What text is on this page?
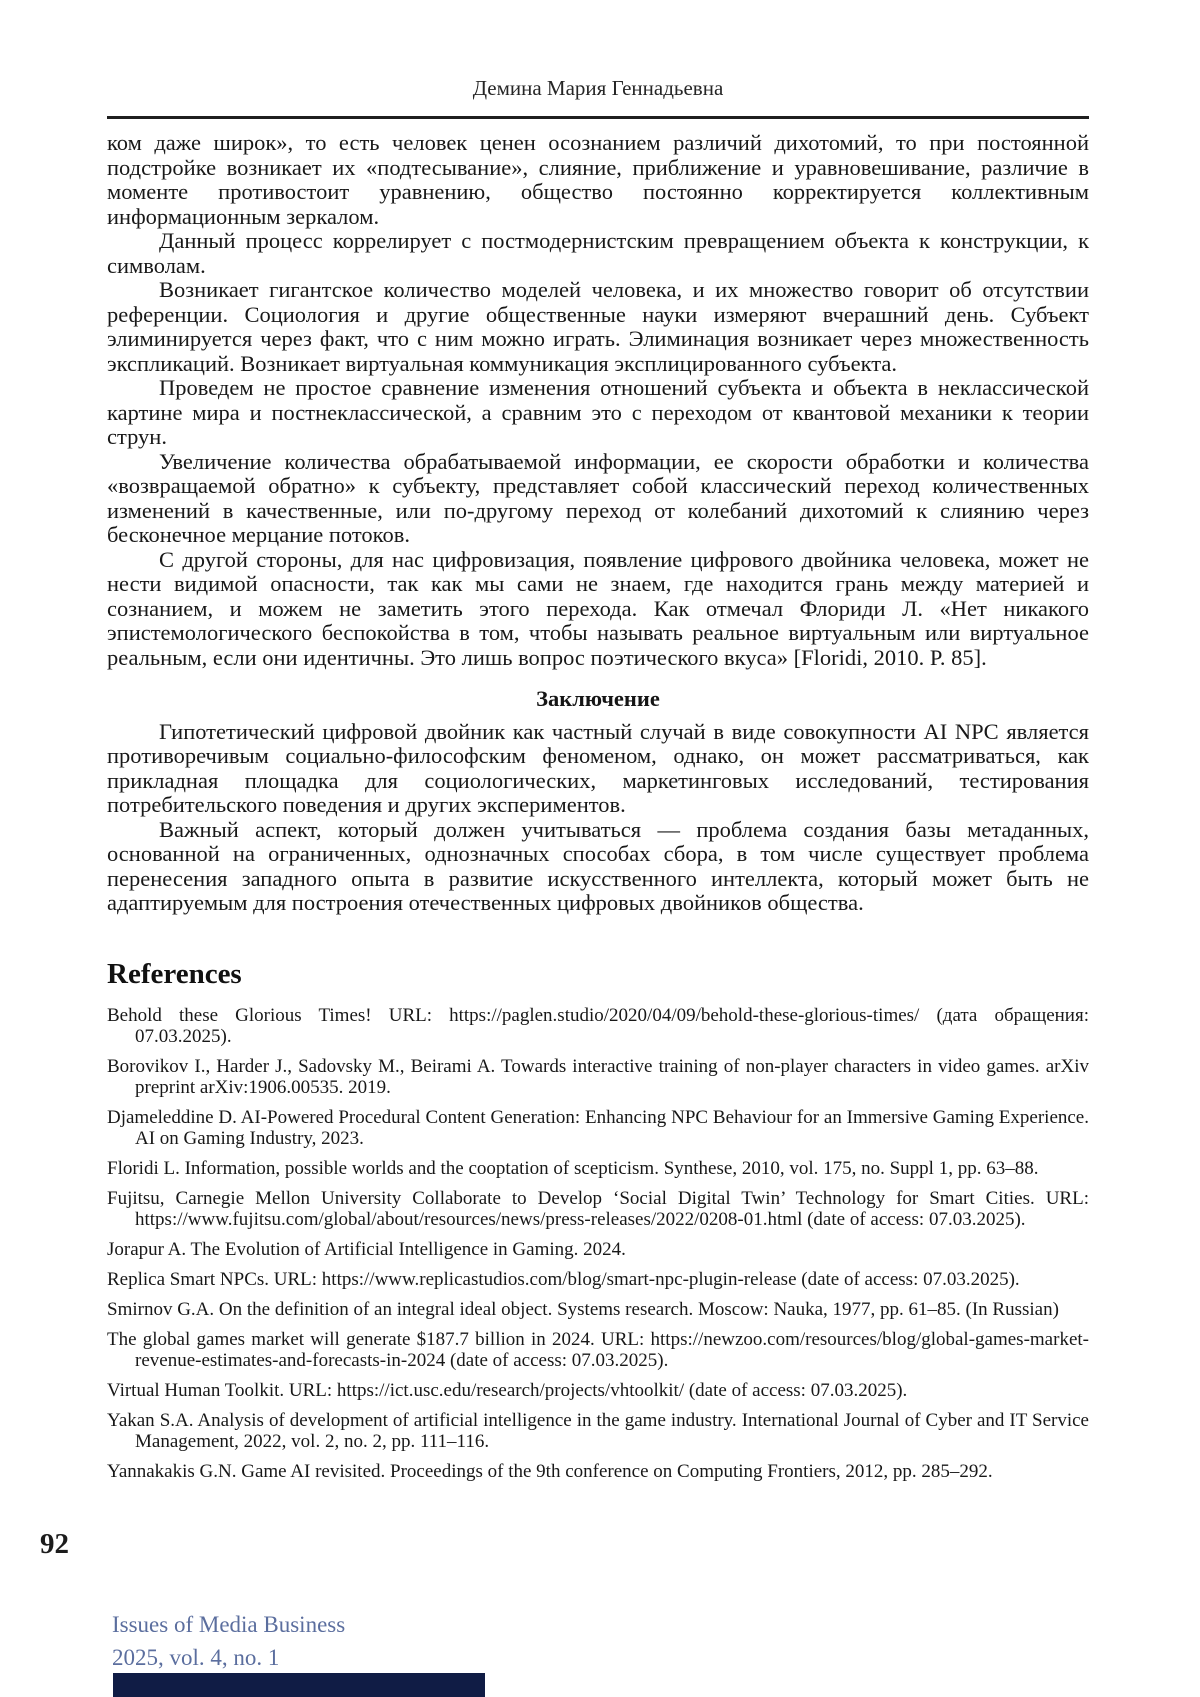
Демина Мария Геннадьевна

ком даже широк», то есть человек ценен осознанием различий дихотомий, то при постоянной подстройке возникает их «подтесывание», слияние, приближение и уравновешивание, различие в моменте противостоит уравнению, общество постоянно корректируется коллективным информационным зеркалом.

Данный процесс коррелирует с постмодернистским превращением объекта к конструкции, к символам.

Возникает гигантское количество моделей человека, и их множество говорит об отсутствии референции. Социология и другие общественные науки измеряют вчерашний день. Субъект элиминируется через факт, что с ним можно играть. Элиминация возникает через множественность экспликаций. Возникает виртуальная коммуникация эксплицированного субъекта.

Проведем не простое сравнение изменения отношений субъекта и объекта в неклассической картине мира и постнеклассической, а сравним это с переходом от квантовой механики к теории струн.

Увеличение количества обрабатываемой информации, ее скорости обработки и количества «возвращаемой обратно» к субъекту, представляет собой классический переход количественных изменений в качественные, или по-другому переход от колебаний дихотомий к слиянию через бесконечное мерцание потоков.

С другой стороны, для нас цифровизация, появление цифрового двойника человека, может не нести видимой опасности, так как мы сами не знаем, где находится грань между материей и сознанием, и можем не заметить этого перехода. Как отмечал Флориди Л. «Нет никакого эпистемологического беспокойства в том, чтобы называть реальное виртуальным или виртуальное реальным, если они идентичны. Это лишь вопрос поэтического вкуса» [Floridi, 2010. P. 85].

Заключение

Гипотетический цифровой двойник как частный случай в виде совокупности AI NPC является противоречивым социально-философским феноменом, однако, он может рассматриваться, как прикладная площадка для социологических, маркетинговых исследований, тестирования потребительского поведения и других экспериментов.

Важный аспект, который должен учитываться — проблема создания базы метаданных, основанной на ограниченных, однозначных способах сбора, в том числе существует проблема перенесения западного опыта в развитие искусственного интеллекта, который может быть не адаптируемым для построения отечественных цифровых двойников общества.

References

Behold these Glorious Times! URL: https://paglen.studio/2020/04/09/behold-these-glorious-times/ (дата обращения: 07.03.2025).

Borovikov I., Harder J., Sadovsky M., Beirami A. Towards interactive training of non-player characters in video games. arXiv preprint arXiv:1906.00535. 2019.

Djameleddine D. AI-Powered Procedural Content Generation: Enhancing NPC Behaviour for an Immersive Gaming Experience. AI on Gaming Industry, 2023.

Floridi L. Information, possible worlds and the cooptation of scepticism. Synthese, 2010, vol. 175, no. Suppl 1, pp. 63–88.

Fujitsu, Carnegie Mellon University Collaborate to Develop ‘Social Digital Twin’ Technology for Smart Cities. URL: https://www.fujitsu.com/global/about/resources/news/press-releases/2022/0208-01.html (date of access: 07.03.2025).

Jorapur A. The Evolution of Artificial Intelligence in Gaming. 2024.

Replica Smart NPCs. URL: https://www.replicastudios.com/blog/smart-npc-plugin-release (date of access: 07.03.2025).

Smirnov G.A. On the definition of an integral ideal object. Systems research. Moscow: Nauka, 1977, pp. 61–85. (In Russian)

The global games market will generate $187.7 billion in 2024. URL: https://newzoo.com/resources/blog/global-games-market-revenue-estimates-and-forecasts-in-2024 (date of access: 07.03.2025).

Virtual Human Toolkit. URL: https://ict.usc.edu/research/projects/vhtoolkit/ (date of access: 07.03.2025).

Yakan S.A. Analysis of development of artificial intelligence in the game industry. International Journal of Cyber and IT Service Management, 2022, vol. 2, no. 2, pp. 111–116.

Yannakakis G.N. Game AI revisited. Proceedings of the 9th conference on Computing Frontiers, 2012, pp. 285–292.

92
Issues of Media Business
2025, vol. 4, no. 1
